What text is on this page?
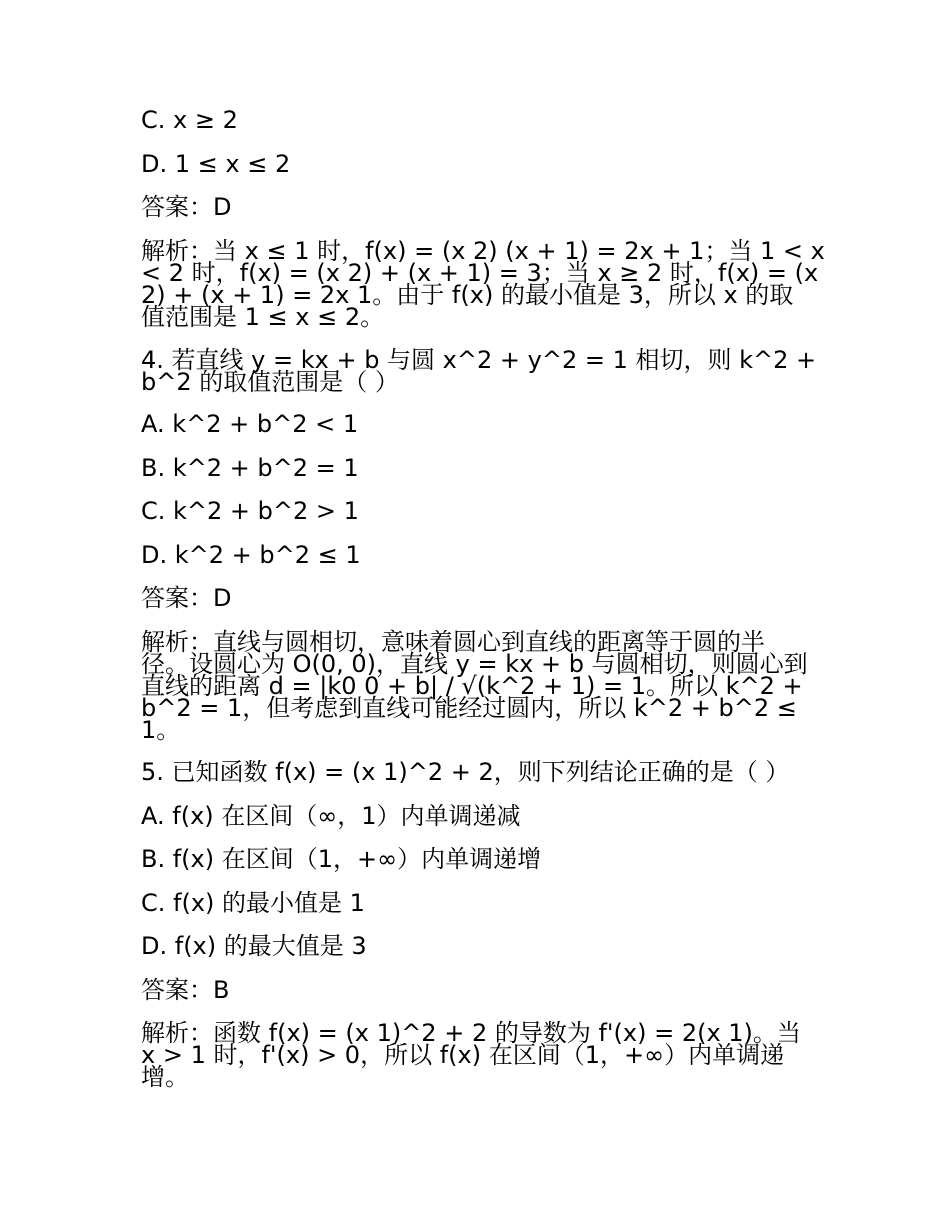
C. x ≥ 2
D. 1 ≤ x ≤ 2
答案：D
解析：当 x ≤ 1 时，f(x) = (x 2) (x + 1) = 2x + 1；当 1 < x
< 2 时，f(x) = (x 2) + (x + 1) = 3；当 x ≥ 2 时，f(x) = (x
2) + (x + 1) = 2x 1。由于 f(x) 的最小值是 3，所以 x 的取
值范围是 1 ≤ x ≤ 2。
4. 若直线 y = kx + b 与圆 x^2 + y^2 = 1 相切，则 k^2 +
b^2 的取值范围是（ ）
A. k^2 + b^2 < 1
B. k^2 + b^2 = 1
C. k^2 + b^2 > 1
D. k^2 + b^2 ≤ 1
答案：D
解析：直线与圆相切，意味着圆心到直线的距离等于圆的半
径。设圆心为 O(0, 0)，直线 y = kx + b 与圆相切，则圆心到
直线的距离 d = |k0 0 + b| / √(k^2 + 1) = 1。所以 k^2 +
b^2 = 1，但考虑到直线可能经过圆内，所以 k^2 + b^2 ≤
1。
5. 已知函数 f(x) = (x 1)^2 + 2，则下列结论正确的是（ ）
A. f(x) 在区间（∞，1）内单调递减
B. f(x) 在区间（1，+∞）内单调递增
C. f(x) 的最小值是 1
D. f(x) 的最大值是 3
答案：B
解析：函数 f(x) = (x 1)^2 + 2 的导数为 f'(x) = 2(x 1)。当
x > 1 时，f'(x) > 0，所以 f(x) 在区间（1，+∞）内单调递
增。
